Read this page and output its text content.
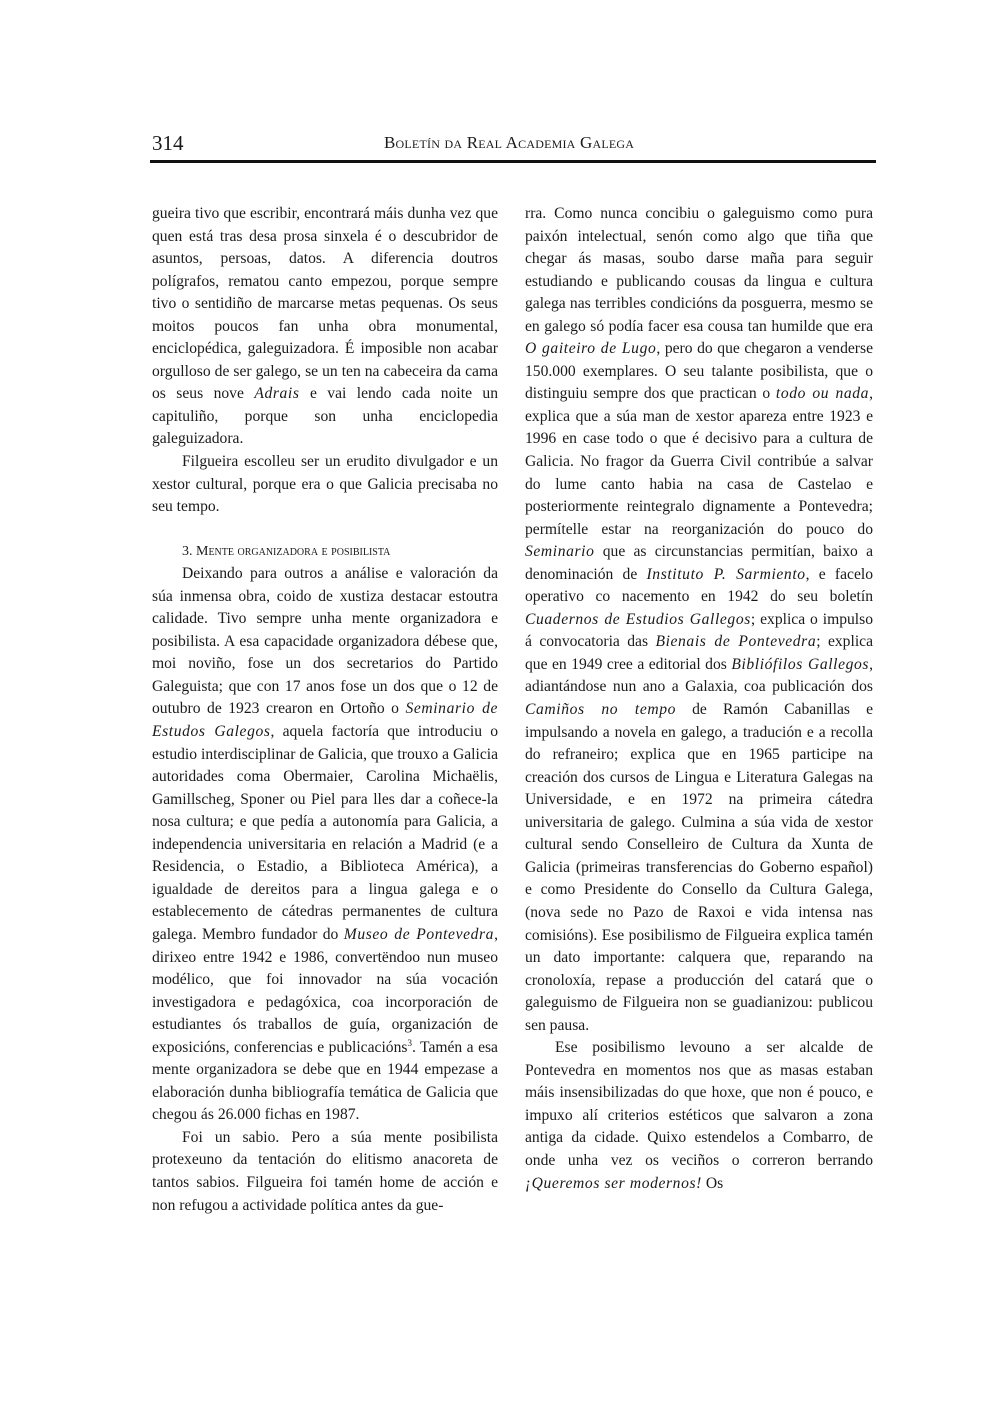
314	Boletín da Real Academia Galega

gueira tivo que escribir, encontrará máis dunha vez que quen está tras desa prosa sinxela é o descubridor de asuntos, persoas, datos. A diferencia doutros polígrafos, rematou canto empezou, porque sempre tivo o sentidiño de marcarse metas pequenas. Os seus moitos poucos fan unha obra monumental, enciclopédica, galeguizadora. É imposible non acabar orgulloso de ser galego, se un ten na cabeceira da cama os seus nove Adrais e vai lendo cada noite un capituliño, porque son unha enciclopedia galeguizadora.

Filgueira escolleu ser un erudito divulgador e un xestor cultural, porque era o que Galicia precisaba no seu tempo.

3. Mente organizadora e posibilista

Deixando para outros a análise e valoración da súa inmensa obra, coido de xustiza destacar estoutra calidade. Tivo sempre unha mente organizadora e posibilista. A esa capacidade organizadora débese que, moi noviño, fose un dos secretarios do Partido Galeguista; que con 17 anos fose un dos que o 12 de outubro de 1923 crearon en Ortoño o Seminario de Estudos Galegos, aquela factoría que introduciu o estudio interdisciplinar de Galicia, que trouxo a Galicia autoridades coma Obermaier, Carolina Michaëlis, Gamillscheg, Sponer ou Piel para lles dar a coñece-la nosa cultura; e que pedía a autonomía para Galicia, a independencia universitaria en relación a Madrid (e a Residencia, o Estadio, a Biblioteca América), a igualdade de dereitos para a lingua galega e o establecemento de cátedras permanentes de cultura galega. Membro fundador do Museo de Pontevedra, dirixeo entre 1942 e 1986, convertëndoo nun museo modélico, que foi innovador na súa vocación investigadora e pedagóxica, coa incorporación de estudiantes ós traballos de guía, organización de exposicións, conferencias e publicacións$^3$. Tamén a esa mente organizadora se debe que en 1944 empezase a elaboración dunha bibliografía temática de Galicia que chegou ás 26.000 fichas en 1987.

Foi un sabio. Pero a súa mente posibilista protexeuno da tentación do elitismo anacoreta de tantos sabios. Filgueira foi tamén home de acción e non refugou a actividade política antes da gue-

rra. Como nunca concibiu o galeguismo como pura paixón intelectual, senón como algo que tiña que chegar ás masas, soubo darse maña para seguir estudiando e publicando cousas da lingua e cultura galega nas terribles condicións da posguerra, mesmo se en galego só podía facer esa cousa tan humilde que era O gaiteiro de Lugo, pero do que chegaron a venderse 150.000 exemplares. O seu talante posibilista, que o distinguiu sempre dos que practican o todo ou nada, explica que a súa man de xestor apareza entre 1923 e 1996 en case todo o que é decisivo para a cultura de Galicia. No fragor da Guerra Civil contribúe a salvar do lume canto habia na casa de Castelao e posteriormente reintegralo dignamente a Pontevedra; permítelle estar na reorganización do pouco do Seminario que as circunstancias permitían, baixo a denominación de Instituto P. Sarmiento, e facelo operativo co nacemento en 1942 do seu boletín Cuadernos de Estudios Gallegos; explica o impulso á convocatoria das Bienais de Pontevedra; explica que en 1949 cree a editorial dos Bibliófilos Gallegos, adiantándose nun ano a Galaxia, coa publicación dos Camiños no tempo de Ramón Cabanillas e impulsando a novela en galego, a tradución e a recolla do refraneiro; explica que en 1965 participe na creación dos cursos de Lingua e Literatura Galegas na Universidade, e en 1972 na primeira cátedra universitaria de galego. Culmina a súa vida de xestor cultural sendo Conselleiro de Cultura da Xunta de Galicia (primeiras transferencias do Goberno español) e como Presidente do Consello da Cultura Galega, (nova sede no Pazo de Raxoi e vida intensa nas comisións). Ese posibilismo de Filgueira explica tamén un dato importante: calquera que, reparando na cronoloxía, repase a producción del catará que o galeguismo de Filgueira non se guadianizou: publicou sen pausa.

Ese posibilismo levouno a ser alcalde de Pontevedra en momentos nos que as masas estaban máis insensibilizadas do que hoxe, que non é pouco, e impuxo alí criterios estéticos que salvaron a zona antiga da cidade. Quixo estendelos a Combarro, de onde unha vez os veciños o correron berrando ¡Queremos ser modernos! Os
